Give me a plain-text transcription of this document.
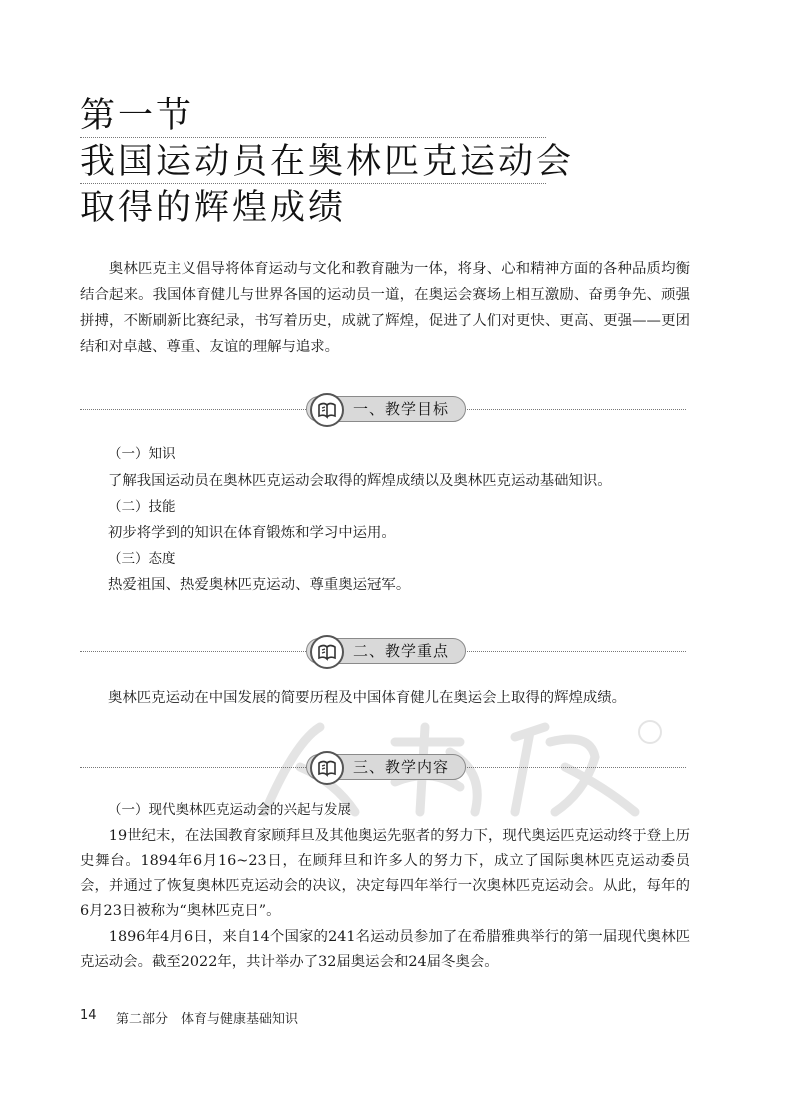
第一节
我国运动员在奥林匹克运动会
取得的辉煌成绩
奥林匹克主义倡导将体育运动与文化和教育融为一体，将身、心和精神方面的各种品质均衡结合起来。我国体育健儿与世界各国的运动员一道，在奥运会赛场上相互激励、奋勇争先、顽强拼搏，不断刷新比赛纪录，书写着历史，成就了辉煌，促进了人们对更快、更高、更强——更团结和对卓越、尊重、友谊的理解与追求。
一、教学目标
（一）知识
了解我国运动员在奥林匹克运动会取得的辉煌成绩以及奥林匹克运动基础知识。
（二）技能
初步将学到的知识在体育锻炼和学习中运用。
（三）态度
热爱祖国、热爱奥林匹克运动、尊重奥运冠军。
二、教学重点
奥林匹克运动在中国发展的简要历程及中国体育健儿在奥运会上取得的辉煌成绩。
三、教学内容
（一）现代奥林匹克运动会的兴起与发展
19世纪末，在法国教育家顾拜旦及其他奥运先驱者的努力下，现代奥运匹克运动终于登上历史舞台。1894年6月16~23日，在顾拜旦和许多人的努力下，成立了国际奥林匹克运动委员会，并通过了恢复奥林匹克运动会的决议，决定每四年举行一次奥林匹克运动会。从此，每年的6月23日被称为“奥林匹克日”。
1896年4月6日，来自14个国家的241名运动员参加了在希腊雅典举行的第一届现代奥林匹克运动会。截至2022年，共计举办了32届奥运会和24届冬奥会。
14 第二部分　体育与健康基础知识
